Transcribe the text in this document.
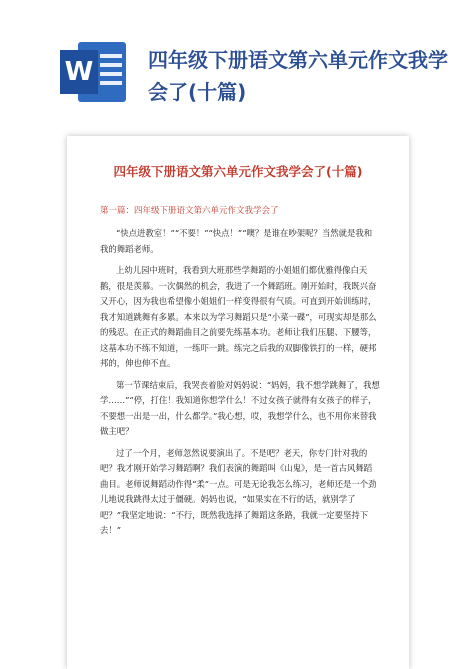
W	四年级下册语文第六单元作文我学会了(十篇)
四年级下册语文第六单元作文我学会了(十篇)
第一篇：四年级下册语文第六单元作文我学会了

“快点进教室！”“不要！”“快点！”“噢？是谁在吵架呢？当然就是我和我的舞蹈老师。

上幼儿园中班时，我看到大班那些学舞蹈的小姐姐们都优雅得像白天鹅，很是羡慕。一次偶然的机会，我进了一个舞蹈班。刚开始时，我既兴奋又开心，因为我也希望像小姐姐们一样变得很有气质。可直到开始训练时，我才知道跳舞有多累。本来以为学习舞蹈只是“小菜一碟”，可现实却是那么的残忍。在正式的舞蹈曲目之前要先练基本功。老师让我们压腿、下腰等，这基本功不练不知道，一练吓一跳。练完之后我的双脚像铁打的一样，硬邦邦的，伸也伸不直。

第一节课结束后，我哭丧着脸对妈妈说：“妈妈，我不想学跳舞了，我想学……”“停，打住！我知道你想学什么！不过女孩子就得有女孩子的样子，不要想一出是一出，什么都学。”我心想，哎，我想学什么，也不用你来替我做主吧？

过了一个月，老师忽然说要演出了。不是吧？老天，你专门针对我的吧？我才刚开始学习舞蹈啊？我们表演的舞蹈叫《山鬼》，是一首古风舞蹈曲目。老师说舞蹈动作得“柔”一点。可是无论我怎么练习，老师还是一个劲儿地说我跳得太过于僵硬。妈妈也说，“如果实在不行的话，就别学了吧？”我坚定地说：“不行，既然我选择了舞蹈这条路，我就一定要坚持下去！”
